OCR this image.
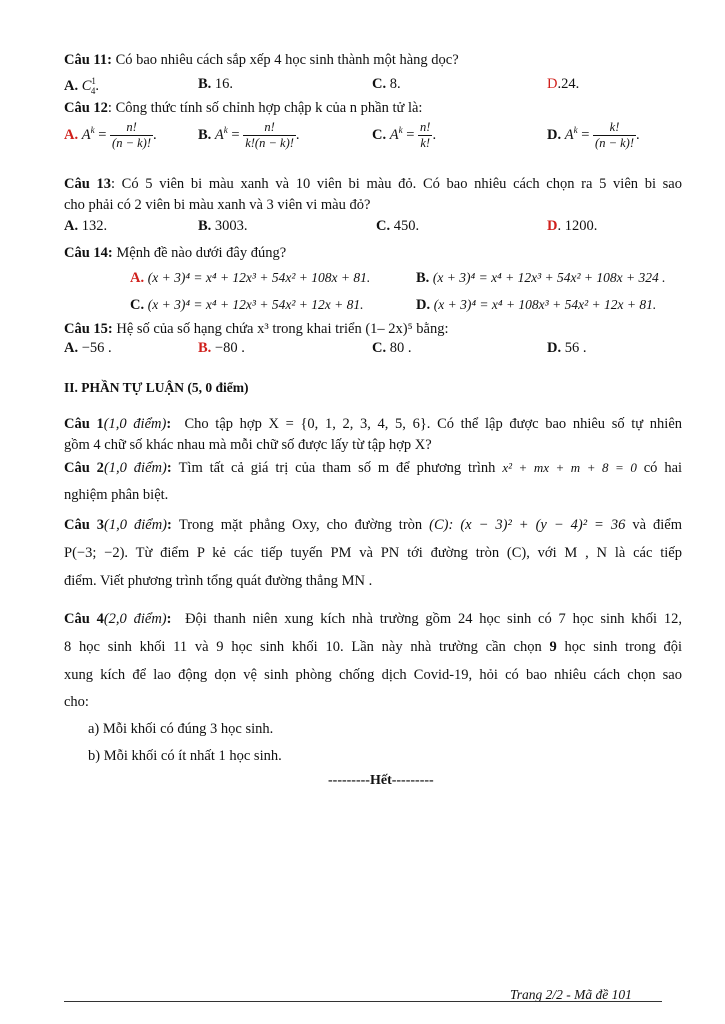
Câu 11: Có bao nhiêu cách sắp xếp 4 học sinh thành một hàng dọc?
A. $C^1_4$.	B. 16.	C. 8.	D.24.
Câu 12: Công thức tính số chỉnh hợp chập k của n phần tử là:
A. $A^k = \frac{n!}{(n - k)!}$ .	B. $A^k = \frac{n!}{k!(n - k)!}$ .	C. $A^k = \frac{n!}{k!}$ .	D. $A^k = \frac{k!}{(n - k)!}$ .
Câu 13: Có 5 viên bi màu xanh và 10 viên bi màu đỏ. Có bao nhiêu cách chọn ra 5 viên bi sao
cho phải có 2 viên bi màu xanh và 3 viên vi màu đỏ?
A. 132.	B. 3003.	C. 450.	D. 1200.
Câu 14: Mệnh đề nào dưới đây đúng?
A. (x + 3)⁴ = x⁴ + 12x³ + 54x² + 108x + 81.	B. (x + 3)⁴ = x⁴ + 12x³ + 54x² + 108x + 324 .
C. (x + 3)⁴ = x⁴ + 12x³ + 54x² + 12x + 81.	D. (x + 3)⁴ = x⁴ + 108x³ + 54x² + 12x + 81.
Câu 15: Hệ số của số hạng chứa x³ trong khai triển (1– 2x)⁵ bằng:
A. −56 .	B. −80 .	C. 80 .	D. 56 .
II. PHẦN TỰ LUẬN (5, 0 điểm)
Câu 1(1,0 điểm): Cho tập hợp X = {0, 1, 2, 3, 4, 5, 6}. Có thể lập được bao nhiêu số tự nhiên
gồm 4 chữ số khác nhau mà mỗi chữ số được lấy từ tập hợp X?
Câu 2(1,0 điểm): Tìm tất cả giá trị của tham số m để phương trình x² + mx + m + 8 = 0 có hai
nghiệm phân biệt.
Câu 3(1,0 điểm): Trong mặt phẳng Oxy, cho đường tròn (C): (x − 3)² + (y − 4)² = 36 và điểm
P(−3; −2). Từ điểm P kẻ các tiếp tuyến PM và PN tới đường tròn (C), với M , N là các tiếp
điểm. Viết phương trình tổng quát đường thẳng MN .
Câu 4(2,0 điểm): Đội thanh niên xung kích nhà trường gồm 24 học sinh có 7 học sinh khối 12,
8 học sinh khối 11 và 9 học sinh khối 10. Lần này nhà trường cần chọn 9 học sinh trong đội
xung kích để lao động dọn vệ sinh phòng chống dịch Covid-19, hỏi có bao nhiêu cách chọn sao
cho:
a) Mỗi khối có đúng 3 học sinh.
b) Mỗi khối có ít nhất 1 học sinh.
---------Hết---------
Trang 2/2 - Mã đề 101
